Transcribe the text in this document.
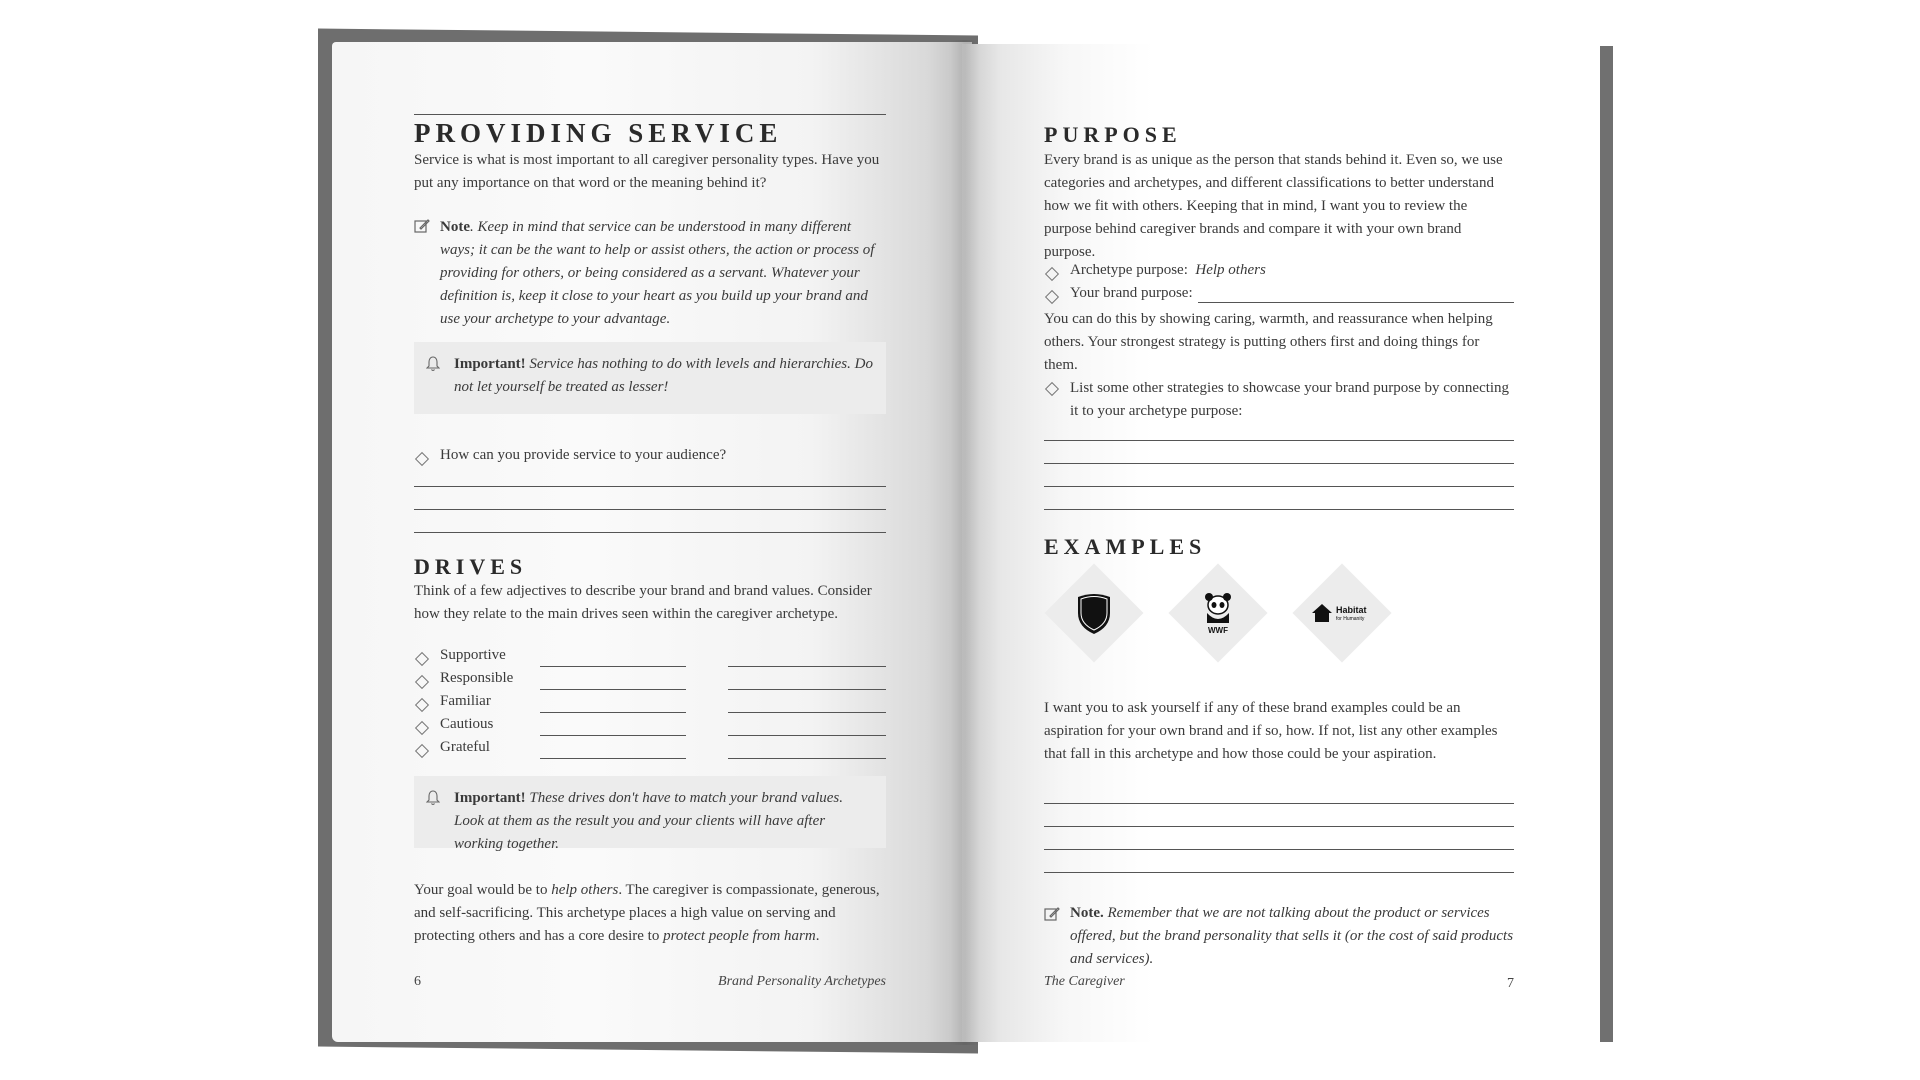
PROVIDING SERVICE
Service is what is most important to all caregiver personality types. Have you put any importance on that word or the meaning behind it?
Note. Keep in mind that service can be understood in many different ways; it can be the want to help or assist others, the action or process of providing for others, or being considered as a servant. Whatever your definition is, keep it close to your heart as you build up your brand and use your archetype to your advantage.
Important! Service has nothing to do with levels and hierarchies. Do not let yourself be treated as lesser!
How can you provide service to your audience?
DRIVES
Think of a few adjectives to describe your brand and brand values. Consider how they relate to the main drives seen within the caregiver archetype.
Supportive
Responsible
Familiar
Cautious
Grateful
Important! These drives don't have to match your brand values. Look at them as the result you and your clients will have after working together.
Your goal would be to help others. The caregiver is compassionate, generous, and self-sacrificing. This archetype places a high value on serving and protecting others and has a core desire to protect people from harm.
6	Brand Personality Archetypes
PURPOSE
Every brand is as unique as the person that stands behind it. Even so, we use categories and archetypes, and different classifications to better understand how we fit with others. Keeping that in mind, I want you to review the purpose behind caregiver brands and compare it with your own brand purpose.
Archetype purpose: Help others
Your brand purpose:
You can do this by showing caring, warmth, and reassurance when helping others. Your strongest strategy is putting others first and doing things for them.
List some other strategies to showcase your brand purpose by connecting it to your archetype purpose:
EXAMPLES
WWF
Habitat
for Humanity
I want you to ask yourself if any of these brand examples could be an aspiration for your own brand and if so, how. If not, list any other examples that fall in this archetype and how those could be your aspiration.
Note. Remember that we are not talking about the product or services offered, but the brand personality that sells it (or the cost of said products and services).
The Caregiver	7
